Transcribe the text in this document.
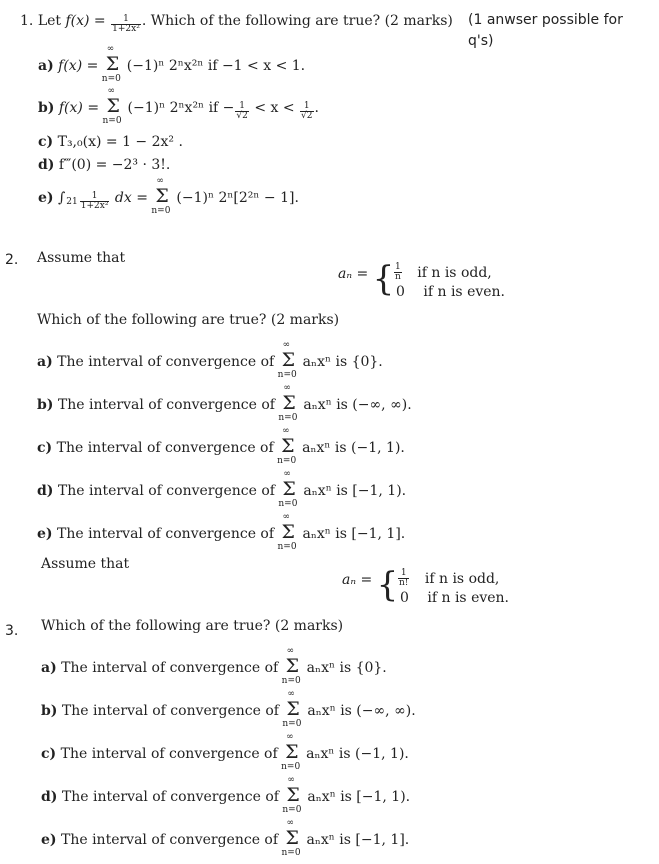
(1 anwser possible for q's)
1. Let $f(x) = \frac{1}{\text{1+2x²}}$ . Which of the following are true? (2 marks)
a) f(x) =
∞
Σ
n=0
(−1)ⁿ 2ⁿx²ⁿ if −1 < x < 1.
b) f(x) =
∞
Σ
n=0
(−1)ⁿ 2ⁿx²ⁿ if − $\frac{1}{√2} < x < \frac{1}{√2}$ .
c) T₃,₀(x) = 1 − 2x² .
d) f‴(0) = −2³ · 3!.
e) $\int 21 \frac{1}{\text{1+2x²}}$ dx =
∞
Σ
n=0
(−1)ⁿ 2ⁿ[2²ⁿ − 1].
2. Assume that
aₙ = { $\frac{1}{n}$ if n is odd,
0 if n is even.
Which of the following are true? (2 marks)
a) The interval of convergence of
∞
Σ
n=0
aₙxⁿ is {0}.
b) The interval of convergence of
∞
Σ
n=0
aₙxⁿ is (−∞, ∞).
c) The interval of convergence of
∞
Σ
n=0
aₙxⁿ is (−1, 1).
d) The interval of convergence of
∞
Σ
n=0
aₙxⁿ is [−1, 1).
e) The interval of convergence of
∞
Σ
n=0
aₙxⁿ is [−1, 1].
Assume that
aₙ = { $\frac{1}{n!}$ if n is odd,
0 if n is even.
3. Which of the following are true? (2 marks)
a) The interval of convergence of
∞
Σ
n=0
aₙxⁿ is {0}.
b) The interval of convergence of
∞
Σ
n=0
aₙxⁿ is (−∞, ∞).
c) The interval of convergence of
∞
Σ
n=0
aₙxⁿ is (−1, 1).
d) The interval of convergence of
∞
Σ
n=0
aₙxⁿ is [−1, 1).
e) The interval of convergence of
∞
Σ
n=0
aₙxⁿ is [−1, 1].
